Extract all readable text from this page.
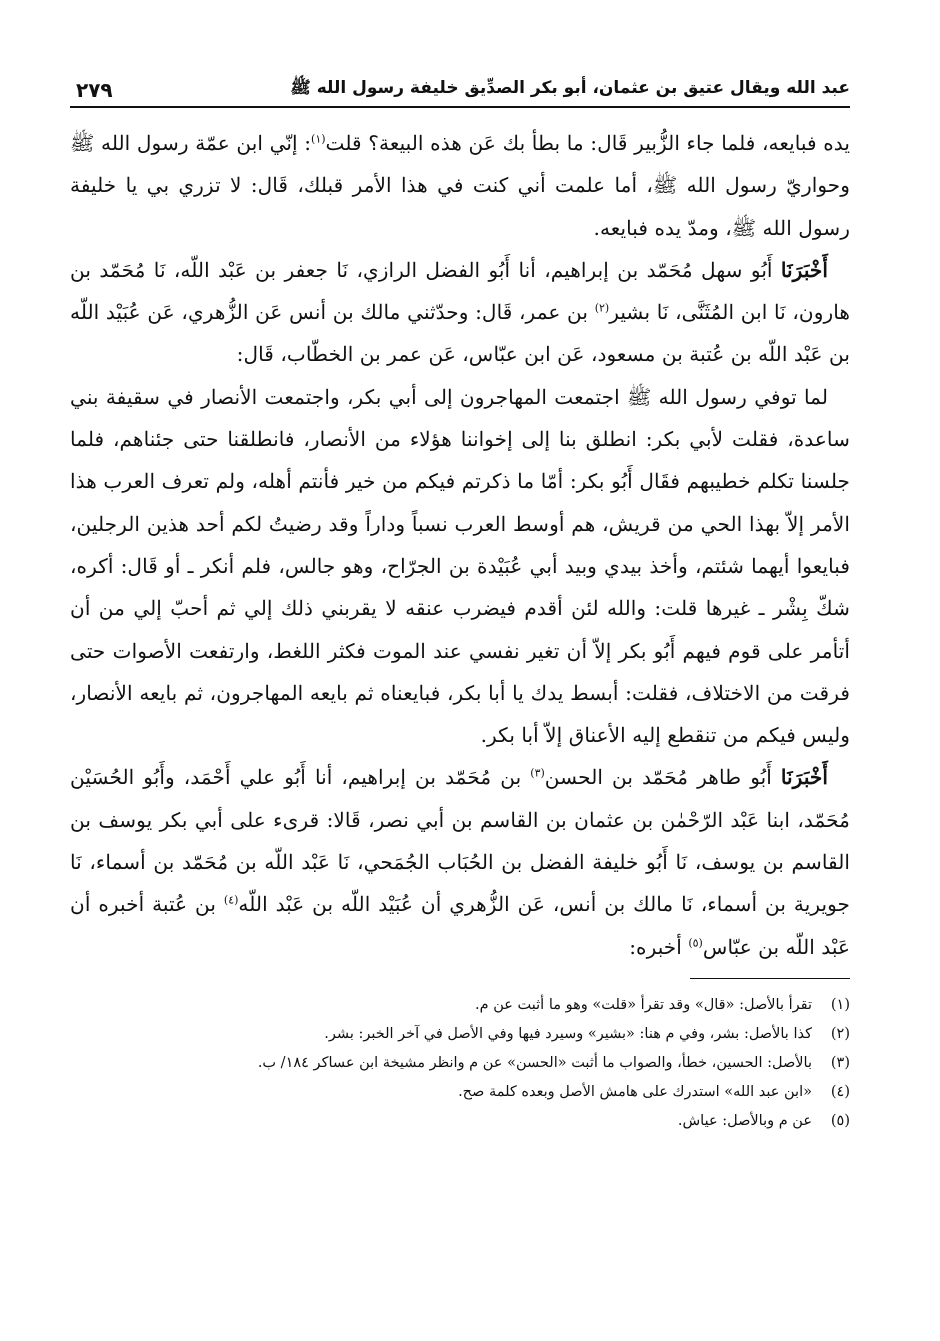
عبد الله ويقال عتيق بن عثمان، أبو بكر الصدِّيق خليفة رسول الله ﷺ
٢٧٩

يده فبايعه، فلما جاء الزُّبير قَال: ما بطأ بك عَن هذه البيعة؟ قلت$^{(١)}$: إنّي ابن عمّة رسول الله ﷺ وحواريّ رسول الله ﷺ، أما علمت أني كنت في هذا الأمر قبلك، قَال: لا تزري بي يا خليفة رسول الله ﷺ، ومدّ يده فبايعه.

أَخْبَرَنَا أَبُو سهل مُحَمّد بن إبراهيم، أنا أَبُو الفضل الرازي، نَا جعفر بن عَبْد اللّه، نَا مُحَمّد بن هارون، نَا ابن المُثَنَّى، نَا بشير$^{(٢)}$ بن عمر، قَال: وحدّثني مالك بن أنس عَن الزُّهري، عَن عُبَيْد اللّه بن عَبْد اللّه بن عُتبة بن مسعود، عَن ابن عبّاس، عَن عمر بن الخطّاب، قَال:

لما توفي رسول الله ﷺ اجتمعت المهاجرون إلى أبي بكر، واجتمعت الأنصار في سقيفة بني ساعدة، فقلت لأبي بكر: انطلق بنا إلى إخواننا هؤلاء من الأنصار، فانطلقنا حتى جئناهم، فلما جلسنا تكلم خطيبهم فقَال أَبُو بكر: أمّا ما ذكرتم فيكم من خير فأنتم أهله، ولم تعرف العرب هذا الأمر إلاّ بهذا الحي من قريش، هم أوسط العرب نسباً وداراً وقد رضيتُ لكم أحد هذين الرجلين، فبايعوا أيهما شئتم، وأخذ بيدي وبيد أبي عُبَيْدة بن الجرّاح، وهو جالس، فلم أنكر ـ أو قَال: أكره، شكّ بِشْر ـ غيرها قلت: والله لئن أقدم فيضرب عنقه لا يقربني ذلك إلي ثم أحبّ إلي من أن أتأمر على قوم فيهم أَبُو بكر إلاّ أن تغير نفسي عند الموت فكثر اللغط، وارتفعت الأصوات حتى فرقت من الاختلاف، فقلت: أبسط يدك يا أبا بكر، فبايعناه ثم بايعه المهاجرون، ثم بايعه الأنصار، وليس فيكم من تنقطع إليه الأعناق إلاّ أبا بكر.

أَخْبَرَنَا أَبُو طاهر مُحَمّد بن الحسن$^{(٣)}$ بن مُحَمّد بن إبراهيم، أنا أَبُو علي أَحْمَد، وأَبُو الحُسَيْن مُحَمّد، ابنا عَبْد الرّحْمٰن بن عثمان بن القاسم بن أبي نصر، قَالا: قرىء على أبي بكر يوسف بن القاسم بن يوسف، نَا أَبُو خليفة الفضل بن الحُبَاب الجُمَحي، نَا عَبْد اللّه بن مُحَمّد بن أسماء، نَا جويرية بن أسماء، نَا مالك بن أنس، عَن الزُّهري أن عُبَيْد اللّه بن عَبْد اللّه$^{(٤)}$ بن عُتبة أخبره أن عَبْد اللّه بن عبّاس$^{(٥)}$ أخبره:

(١)
تقرأ بالأصل: «قال» وقد تقرأ «قلت» وهو ما أثبت عن م.
(٢)
كذا بالأصل: بشر، وفي م هنا: «بشير» وسيرد فيها وفي الأصل في آخر الخبر: بشر.
(٣)
بالأصل: الحسين، خطأ، والصواب ما أثبت «الحسن» عن م وانظر مشيخة ابن عساكر ١٨٤/ ب.
(٤)
«ابن عبد الله» استدرك على هامش الأصل وبعده كلمة صح.
(٥)
عن م وبالأصل: عياش.
